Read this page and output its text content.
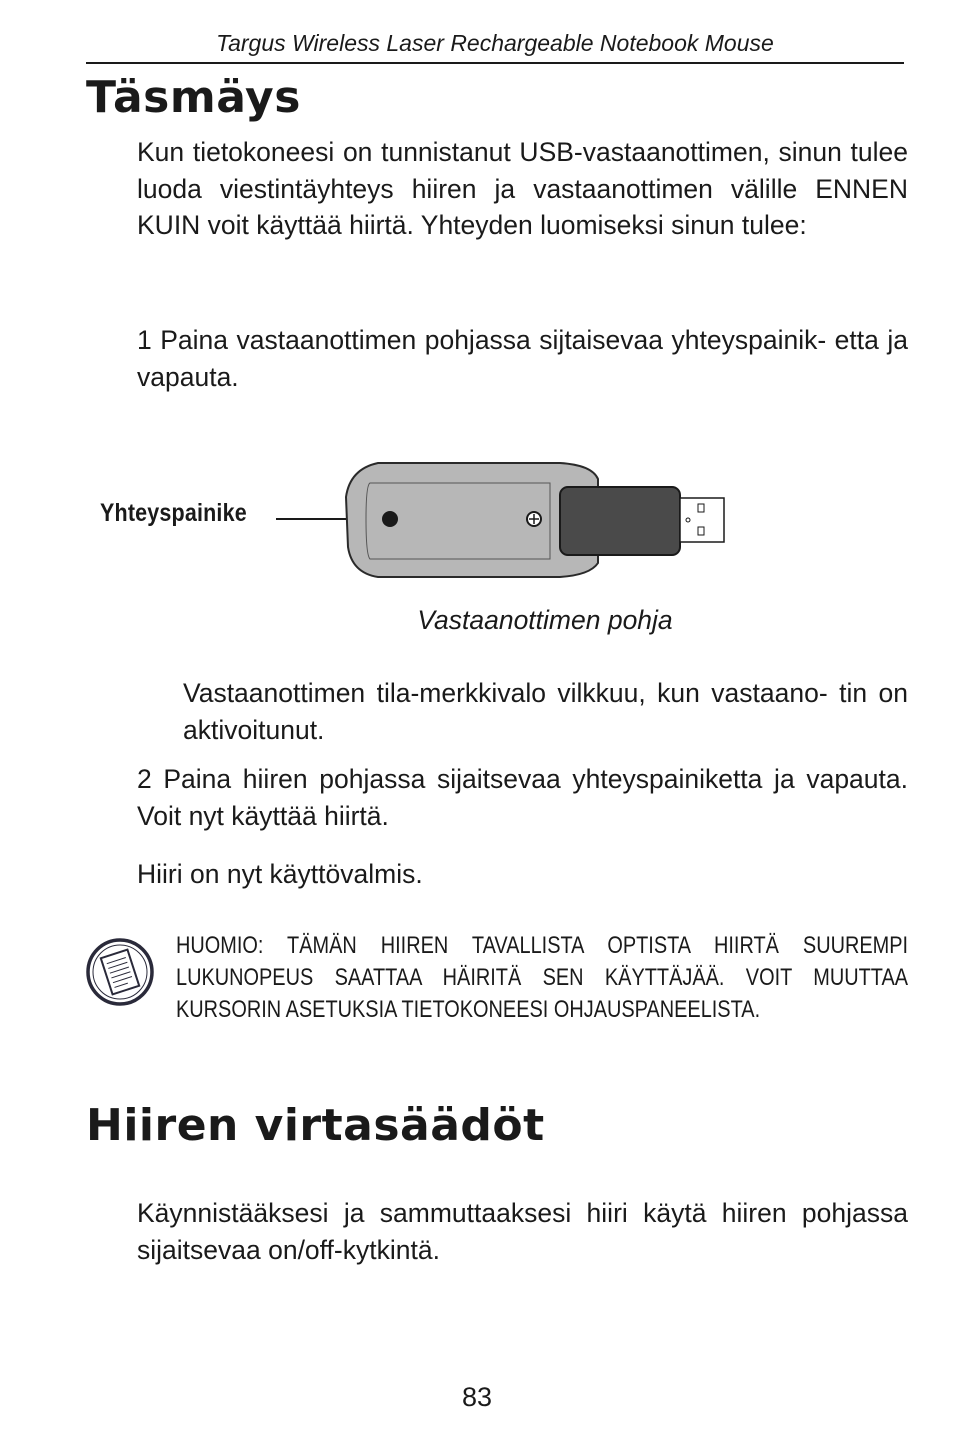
Targus Wireless Laser Rechargeable Notebook Mouse
Täsmäys

Kun tietokoneesi on tunnistanut USB-vastaanottimen, sinun tulee luoda viestintäyhteys hiiren ja vastaanottimen välille ENNEN KUIN voit käyttää hiirtä. Yhteyden luomiseksi sinun tulee:

1 Paina vastaanottimen pohjassa sijtaisevaa yhteyspainik- etta ja vapauta.

Yhteyspainike
Vastaanottimen pohja

Vastaanottimen tila-merkkivalo vilkkuu, kun vastaano- tin on aktivoitunut.

2 Paina hiiren pohjassa sijaitsevaa yhteyspainiketta ja vapauta. Voit nyt käyttää hiirtä.

Hiiri on nyt käyttövalmis.

HUOMIO: TÄMÄN HIIREN TAVALLISTA OPTISTA HIIRTÄ SUUREMPI LUKUNOPEUS SAATTAA HÄIRITÄ SEN KÄYTTÄJÄÄ. VOIT MUUTTAA KURSORIN ASETUKSIA TIETOKONEESI OHJAUSPANEELISTA.

Hiiren virtasäädöt

Käynnistääksesi ja sammuttaaksesi hiiri käytä hiiren pohjassa sijaitsevaa on/off-kytkintä.

83
